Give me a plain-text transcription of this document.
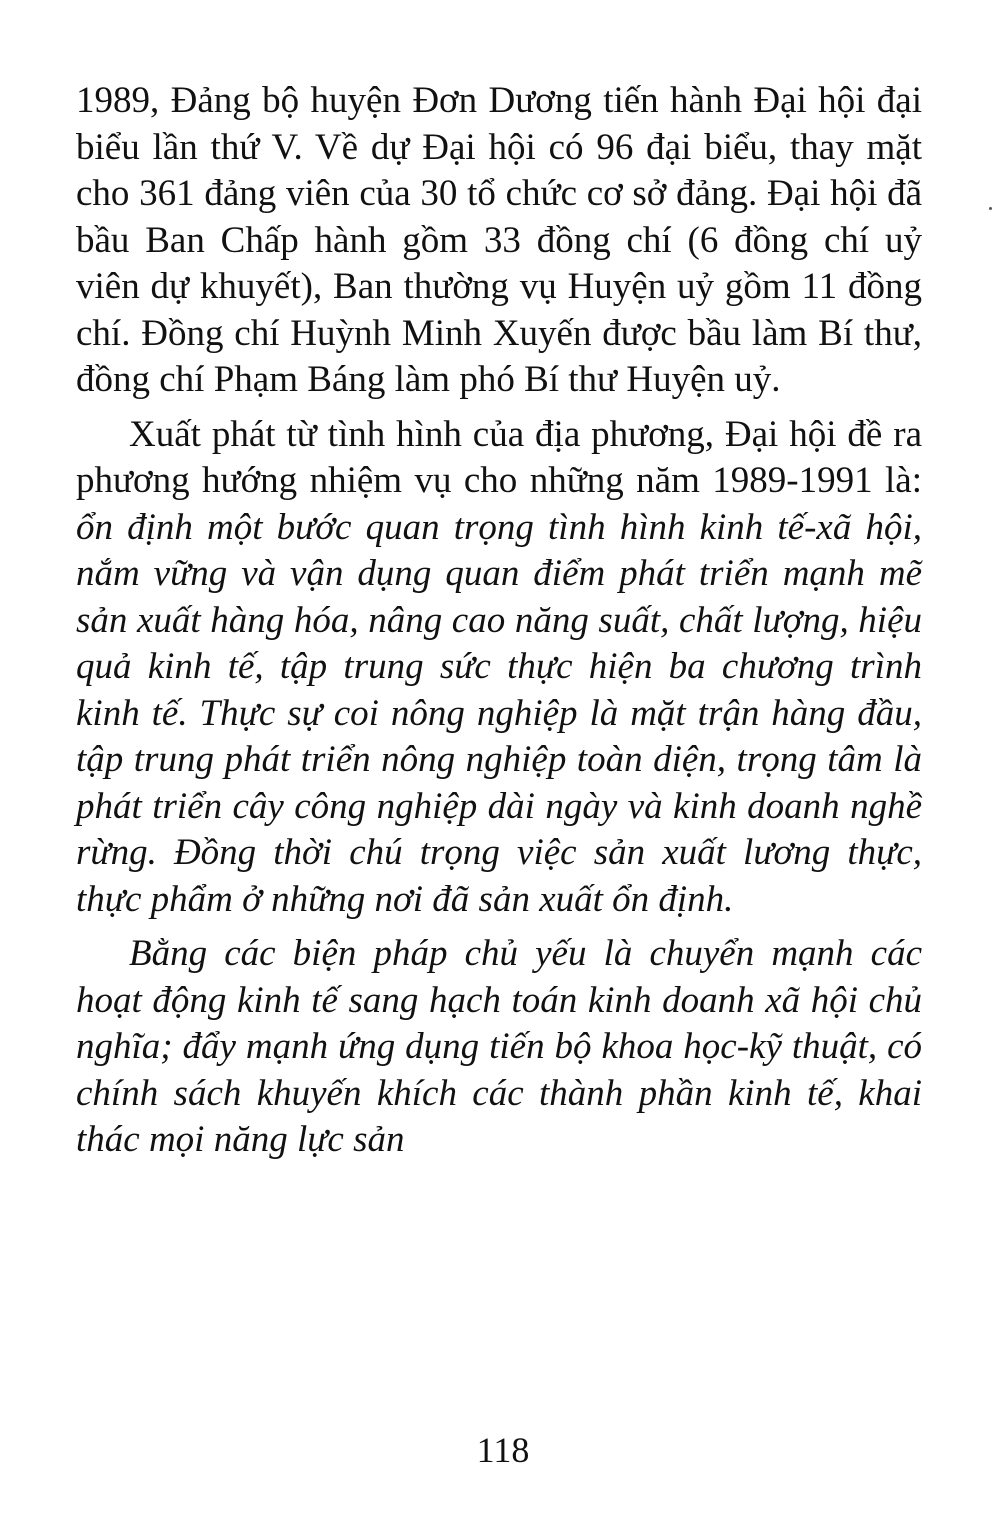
1989, Đảng bộ huyện Đơn Dương tiến hành Đại hội đại biểu lần thứ V. Về dự Đại hội có 96 đại biểu, thay mặt cho 361 đảng viên của 30 tổ chức cơ sở đảng. Đại hội đã bầu Ban Chấp hành gồm 33 đồng chí (6 đồng chí uỷ viên dự khuyết), Ban thường vụ Huyện uỷ gồm 11 đồng chí. Đồng chí Huỳnh Minh Xuyến được bầu làm Bí thư, đồng chí Phạm Báng làm phó Bí thư Huyện uỷ.

Xuất phát từ tình hình của địa phương, Đại hội đề ra phương hướng nhiệm vụ cho những năm 1989-1991 là: ổn định một bước quan trọng tình hình kinh tế-xã hội, nắm vững và vận dụng quan điểm phát triển mạnh mẽ sản xuất hàng hóa, nâng cao năng suất, chất lượng, hiệu quả kinh tế, tập trung sức thực hiện ba chương trình kinh tế. Thực sự coi nông nghiệp là mặt trận hàng đầu, tập trung phát triển nông nghiệp toàn diện, trọng tâm là phát triển cây công nghiệp dài ngày và kinh doanh nghề rừng. Đồng thời chú trọng việc sản xuất lương thực, thực phẩm ở những nơi đã sản xuất ổn định.

Bằng các biện pháp chủ yếu là chuyển mạnh các hoạt động kinh tế sang hạch toán kinh doanh xã hội chủ nghĩa; đẩy mạnh ứng dụng tiến bộ khoa học-kỹ thuật, có chính sách khuyến khích các thành phần kinh tế, khai thác mọi năng lực sản

118
